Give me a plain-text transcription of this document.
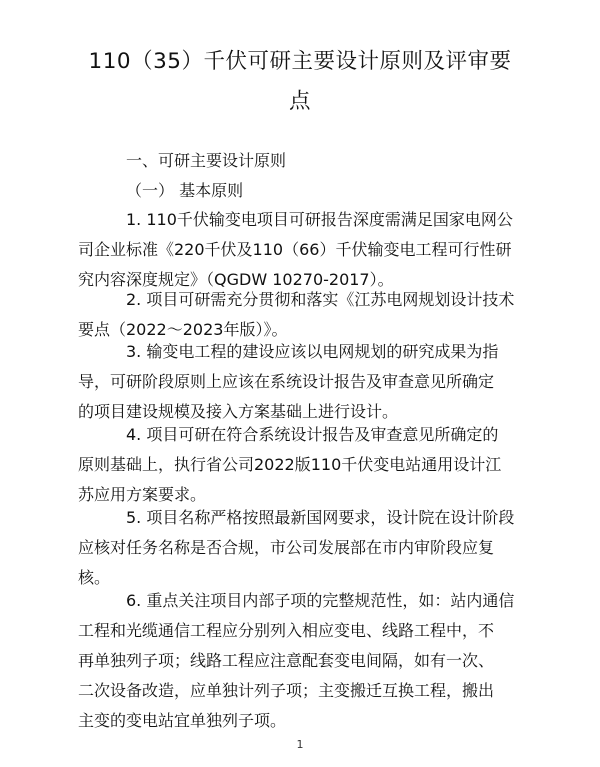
110（35）千伏可研主要设计原则及评审要
点

一、可研主要设计原则

（一） 基本原则

1. 110千伏输变电项目可研报告深度需满足国家电网公
司企业标准《220千伏及110（66）千伏输变电工程可行性研
究内容深度规定》（QGDW 10270-2017）。
2. 项目可研需充分贯彻和落实《江苏电网规划设计技术
要点（2022～2023年版）》。
3. 输变电工程的建设应该以电网规划的研究成果为指
导，可研阶段原则上应该在系统设计报告及审查意见所确定
的项目建设规模及接入方案基础上进行设计。
4. 项目可研在符合系统设计报告及审查意见所确定的
原则基础上，执行省公司2022版110千伏变电站通用设计江
苏应用方案要求。
5. 项目名称严格按照最新国网要求，设计院在设计阶段
应核对任务名称是否合规，市公司发展部在市内审阶段应复
核。
6. 重点关注项目内部子项的完整规范性，如：站内通信
工程和光缆通信工程应分别列入相应变电、线路工程中，不
再单独列子项；线路工程应注意配套变电间隔，如有一次、
二次设备改造，应单独计列子项；主变搬迁互换工程，搬出
主变的变电站宜单独列子项。
1
